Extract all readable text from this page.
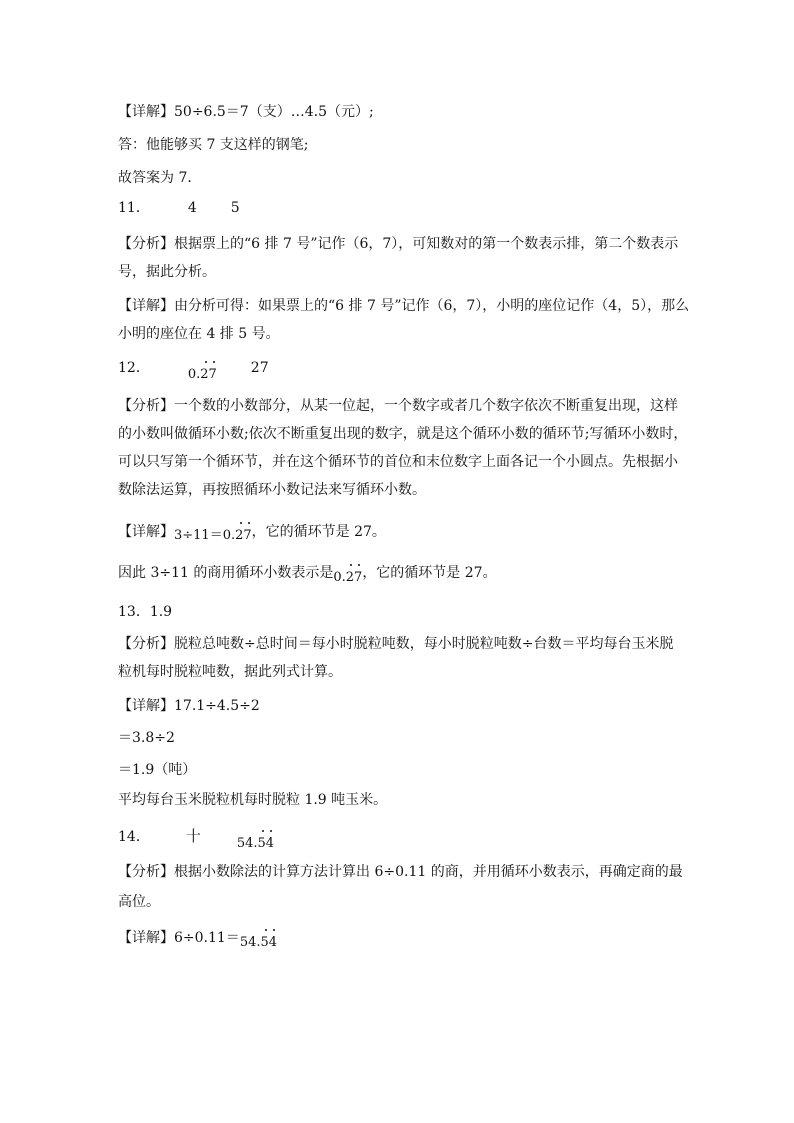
【详解】50÷6.5＝7（支）…4.5（元）;
答：他能够买 7 支这样的钢笔;
故答案为 7．
11．	4 5
【分析】根据票上的“6 排 7 号”记作（6，7），可知数对的第一个数表示排，第二个数表示
号，据此分析。
【详解】由分析可得：如果票上的“6 排 7 号”记作（6，7），小明的座位记作（4，5），那么
小明的座位在 4 排 5 号。
12．	0.27 27
【分析】一个数的小数部分，从某一位起，一个数字或者几个数字依次不断重复出现，这样
的小数叫做循环小数;依次不断重复出现的数字，就是这个循环小数的循环节;写循环小数时，
可以只写第一个循环节，并在这个循环节的首位和末位数字上面各记一个小圆点。先根据小
数除法运算，再按照循环小数记法来写循环小数。
【详解】3÷11＝0.27
，它的循环节是 27。
因此 3÷11 的商用循环小数表示是0.27
，它的循环节是 27。
13．1.9
【分析】脱粒总吨数÷总时间＝每小时脱粒吨数，每小时脱粒吨数÷台数＝平均每台玉米脱
粒机每时脱粒吨数，据此列式计算。
【详解】17.1÷4.5÷2
＝3.8÷2
＝1.9（吨）
平均每台玉米脱粒机每时脱粒 1.9 吨玉米。
14． 十	54.54
【分析】根据小数除法的计算方法计算出 6÷0.11 的商，并用循环小数表示，再确定商的最
高位。
【详解】6÷0.11＝54.54
